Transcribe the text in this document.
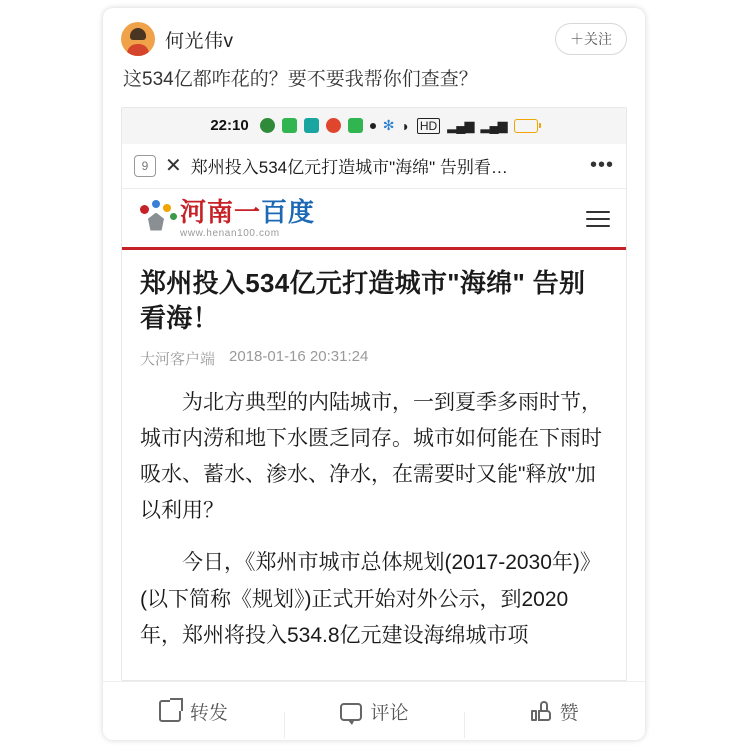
何光伟v	＋关注
这534亿都咋花的？要不要我帮你们查查？
22:10	✻ ◗ HD ▂▄▆ ▂▄▆
9 ✕ 郑州投入534亿元打造城市"海绵" 告别看…	•••
河南一百度
www.henan100.com
郑州投入534亿元打造城市"海绵" 告别看海！
大河客户端 2018-01-16 20:31:24

为北方典型的内陆城市，一到夏季多雨时节，城市内涝和地下水匮乏同存。城市如何能在下雨时吸水、蓄水、渗水、净水，在需要时又能"释放"加以利用？

今日，《郑州市城市总体规划(2017-2030年)》(以下简称《规划》)正式开始对外公示，到2020年，郑州将投入534.8亿元建设海绵城市项

转发	评论	赞
